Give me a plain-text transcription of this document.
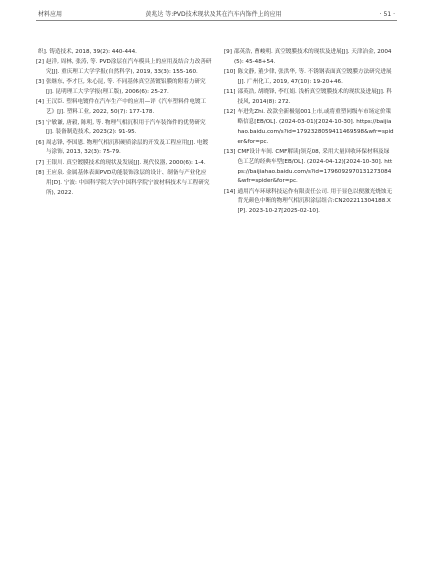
黄兆达 等:PVD技术现状及其在汽车内饰件上的应用
材料应用	· 51 ·
织]. 铸造技术, 2018, 39(2): 440-444.
[2] 赵洋, 周林, 张涛, 等. PVD涂层在汽车模具上的应用及结合力改善研究[J]. 重庆理工大学学报(自然科学), 2019, 33(3): 155-160.
[3] 张继东, 李才巨, 朱心昆, 等. 不同基体真空蒸镀铝膜的附着力研究[J]. 昆明理工大学学报(理工版), 2006(6): 25-27.
[4] 王汉臣. 塑料电镀件在汽车生产中的应用—评《汽车塑料件电镀工艺》[J]. 塑料工业, 2022, 50(7): 177-178.
[5] 宁敏谦, 唐毅, 陈明, 等. 物理气相沉积用于汽车装饰件的优势研究[J]. 装备制造技术, 2023(2): 91-95.
[6] 周志锋, 李国恩. 物理气相沉积硬质涂层的开发及工程应用[J]. 电镀与涂饰, 2013, 32(3): 75-79.
[7] 王银川. 真空镀膜技术的现状及发展[J]. 现代仪器, 2000(6): 1-4.
[8] 王应泉. 金属基体表面PVD功能装饰涂层的设计、制备与产业化应用[D]. 宁波: 中国科学院大学(中国科学院宁波材料技术与工程研究所), 2022.
[9] 邵英浩, 曹峻明. 真空镀膜技术的现状及进展[J]. 天津冶金, 2004(5): 45-48+54.
[10] 陈文静, 董少律, 张洪华, 等. 不锈钢表面真空镀膜方法研究进展[J]. 广州化工, 2019, 47(10): 19-20+46.
[11] 邵英浩, 胡晓锋, 李红娟. 浅析真空镀膜技术的现状及进展[J]. 科技风, 2014(8): 272.
[12] 车进先Zhi. 改款全新极氪001上市,或将重塑同级车市场定价策略信息[EB/OL]. (2024-03-01)[2024-10-30]. https://baijiahao.baidu.com/s?id=1792328059411469598&wfr=spider&for=pc.
[13] CMF设计车间. CMF解读|领克08, 采用大量回收环保材料及绿色工艺的经典车型[EB/OL]. (2024-04-12)[2024-10-30]. https://baijiahao.baidu.com/s?id=1796092970131273084&wfr=spider&for=pc.
[14] 通用汽车环球科技运作有限责任公司. 用于显色以便激光烧蚀无背光颜色中断的物理气相沉积涂层组合:CN202211304188.X[P]. 2023-10-27[2025-02-10].
